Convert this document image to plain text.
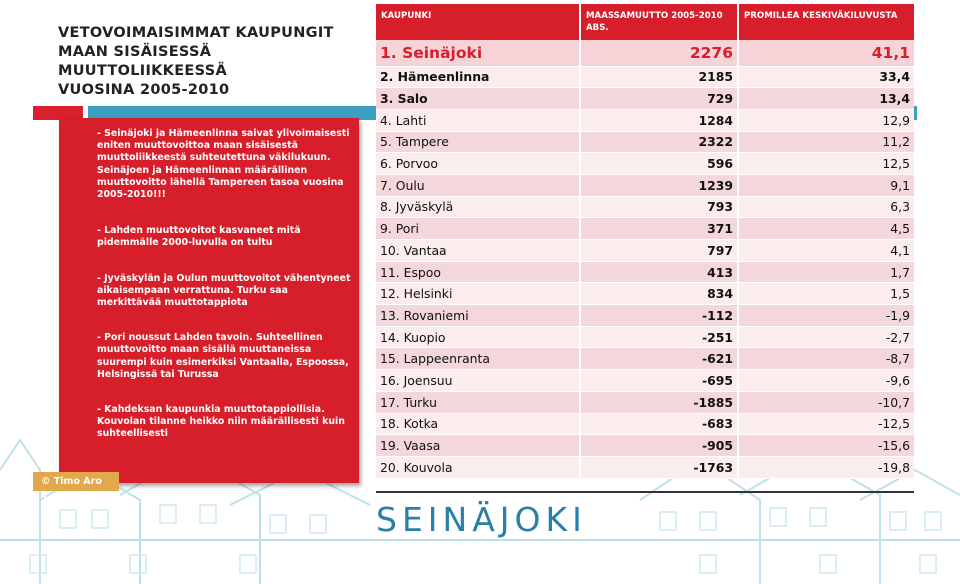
VETOVOIMAISIMMAT KAUPUNGIT
MAAN SISÄISESSÄ MUUTTOLIIKKEESSÄ
VUOSINA 2005-2010
- Seinäjoki ja Hämeenlinna saivat ylivoimaisesti eniten muuttovoittoa maan sisäisestä muuttoliikkeestä suhteutettuna väkilukuun. Seinäjoen ja Hämeenlinnan määrällinen muuttovoitto lähellä Tampereen tasoa vuosina 2005-2010!!!
- Lahden muuttovoitot kasvaneet mitä pidemmälle 2000-luvulla on tultu
- Jyväskylän ja Oulun muuttovoitot vähentyneet aikaisempaan verrattuna. Turku saa merkittävää muuttotappiota
- Pori noussut Lahden tavoin. Suhteellinen muuttovoitto maan sisällä muuttaneissa suurempi kuin esimerkiksi Vantaalla, Espoossa, Helsingissä tai Turussa
- Kahdeksan kaupunkia muuttotappiollisia. Kouvolan tilanne heikko niin määrällisesti kuin suhteellisesti
© Timo Aro 2010
KAUPUNKI	MAASSAMUUTTO 2005-2010 ABS.	PROMILLEA KESKIVÄKILUVUSTA
1. Seinäjoki	2276	41,1
2. Hämeenlinna	2185	33,4
3. Salo	729	13,4
4. Lahti	1284	12,9
5. Tampere	2322	11,2
6. Porvoo	596	12,5
7. Oulu	1239	9,1
8. Jyväskylä	793	6,3
9. Pori	371	4,5
10. Vantaa	797	4,1
11. Espoo	413	1,7
12. Helsinki	834	1,5
13. Rovaniemi	-112	-1,9
14. Kuopio	-251	-2,7
15. Lappeenranta	-621	-8,7
16. Joensuu	-695	-9,6
17. Turku	-1885	-10,7
18. Kotka	-683	-12,5
19. Vaasa	-905	-15,6
20. Kouvola	-1763	-19,8
SEINÄJOKI
